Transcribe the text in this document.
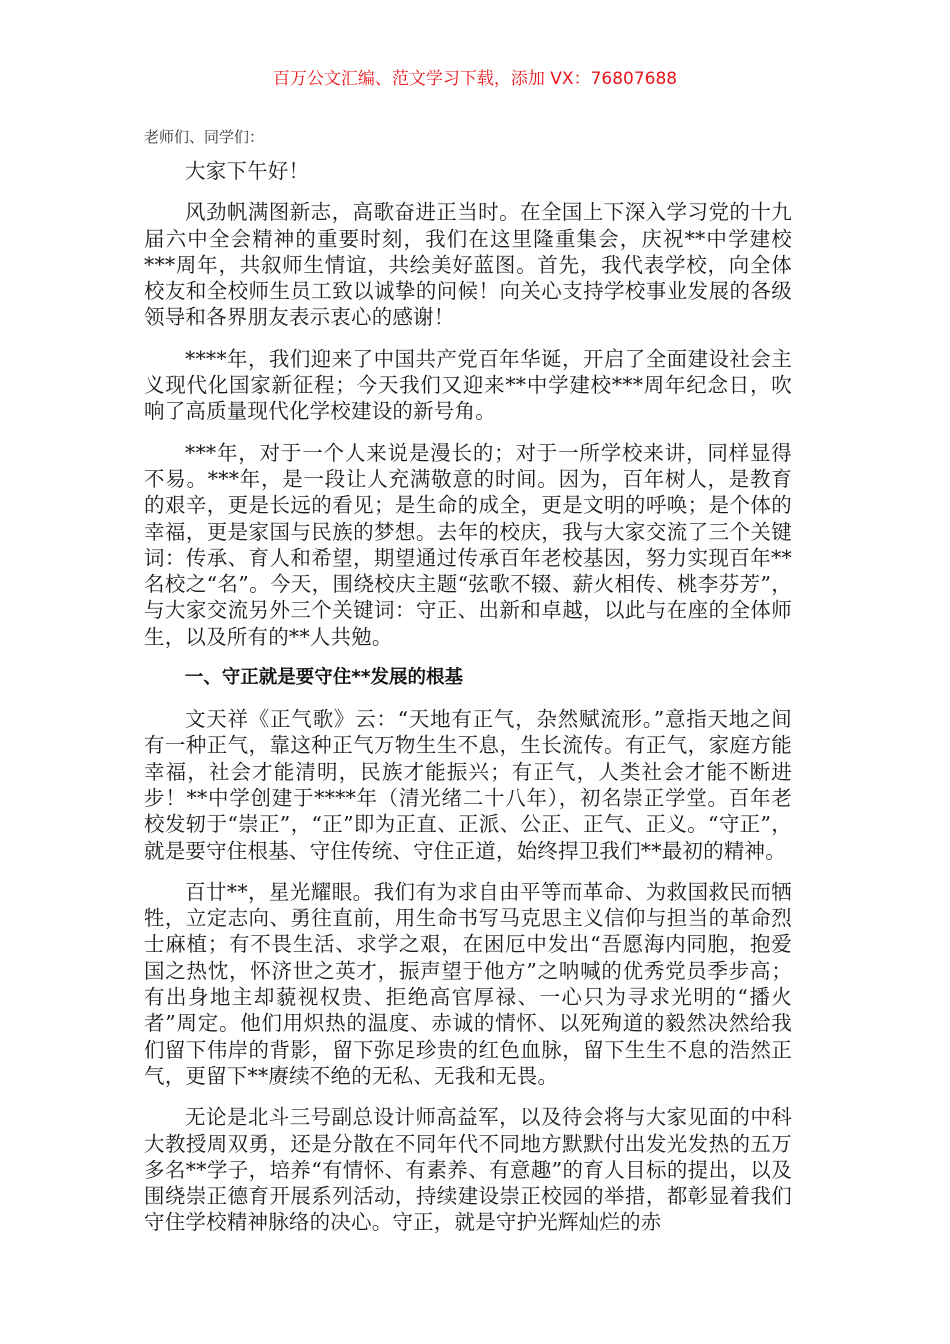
百万公文汇编、范文学习下载，添加 VX：76807688

老师们、同学们：

大家下午好！

风劲帆满图新志，高歌奋进正当时。在全国上下深入学习党的十九届六中全会精神的重要时刻，我们在这里隆重集会，庆祝**中学建校***周年，共叙师生情谊，共绘美好蓝图。首先，我代表学校，向全体校友和全校师生员工致以诚挚的问候！向关心支持学校事业发展的各级领导和各界朋友表示衷心的感谢！

****年，我们迎来了中国共产党百年华诞，开启了全面建设社会主义现代化国家新征程；今天我们又迎来**中学建校***周年纪念日，吹响了高质量现代化学校建设的新号角。

***年，对于一个人来说是漫长的；对于一所学校来讲，同样显得不易。***年，是一段让人充满敬意的时间。因为，百年树人，是教育的艰辛，更是长远的看见；是生命的成全，更是文明的呼唤；是个体的幸福，更是家国与民族的梦想。去年的校庆，我与大家交流了三个关键词：传承、育人和希望，期望通过传承百年老校基因，努力实现百年**名校之“名”。今天，围绕校庆主题“弦歌不辍、薪火相传、桃李芬芳”，与大家交流另外三个关键词：守正、出新和卓越，以此与在座的全体师生，以及所有的**人共勉。

一、守正就是要守住**发展的根基

文天祥《正气歌》云：“天地有正气，杂然赋流形。”意指天地之间有一种正气，靠这种正气万物生生不息，生长流传。有正气，家庭方能幸福，社会才能清明，民族才能振兴；有正气，人类社会才能不断进步！**中学创建于****年（清光绪二十八年），初名崇正学堂。百年老校发轫于“崇正”，“正”即为正直、正派、公正、正气、正义。“守正”，就是要守住根基、守住传统、守住正道，始终捍卫我们**最初的精神。

百廿**，星光耀眼。我们有为求自由平等而革命、为救国救民而牺牲，立定志向、勇往直前，用生命书写马克思主义信仰与担当的革命烈士麻植；有不畏生活、求学之艰，在困厄中发出“吾愿海内同胞，抱爱国之热忱，怀济世之英才，振声望于他方”之呐喊的优秀党员季步高；有出身地主却藐视权贵、拒绝高官厚禄、一心只为寻求光明的“播火者”周定。他们用炽热的温度、赤诚的情怀、以死殉道的毅然决然给我们留下伟岸的背影，留下弥足珍贵的红色血脉，留下生生不息的浩然正气，更留下**赓续不绝的无私、无我和无畏。

无论是北斗三号副总设计师高益军，以及待会将与大家见面的中科大教授周双勇，还是分散在不同年代不同地方默默付出发光发热的五万多名**学子，培养“有情怀、有素养、有意趣”的育人目标的提出，以及围绕崇正德育开展系列活动，持续建设崇正校园的举措，都彰显着我们守住学校精神脉络的决心。守正，就是守护光辉灿烂的赤
